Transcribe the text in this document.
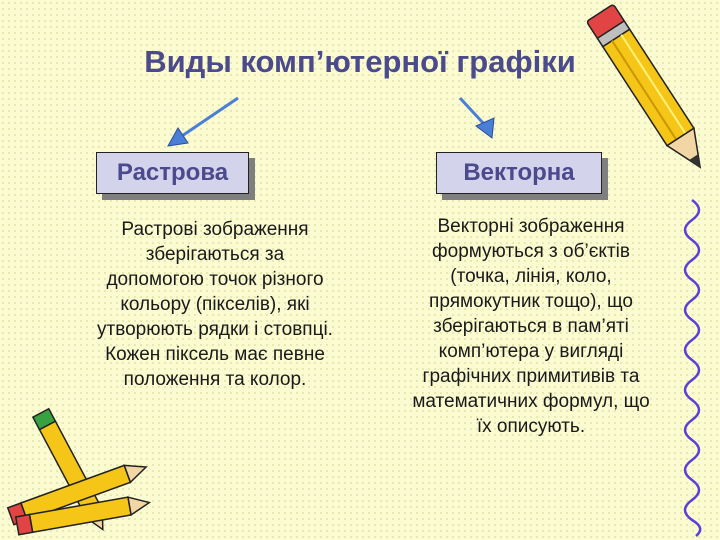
Виды комп’ютерної графіки
Растрова	Векторна
Растрові зображення
зберігаються за
допомогою точок різного
кольору (пікселів), які
утворюють рядки і стовпці.
Кожен піксель має певне
положення та колор.
Векторні зображення
формуються з об’єктів
(точка, лінія, коло,
прямокутник тощо), що
зберігаються в пам’яті
комп’ютера у вигляді
графічних примитивів та
математичних формул, що
їх описують.
